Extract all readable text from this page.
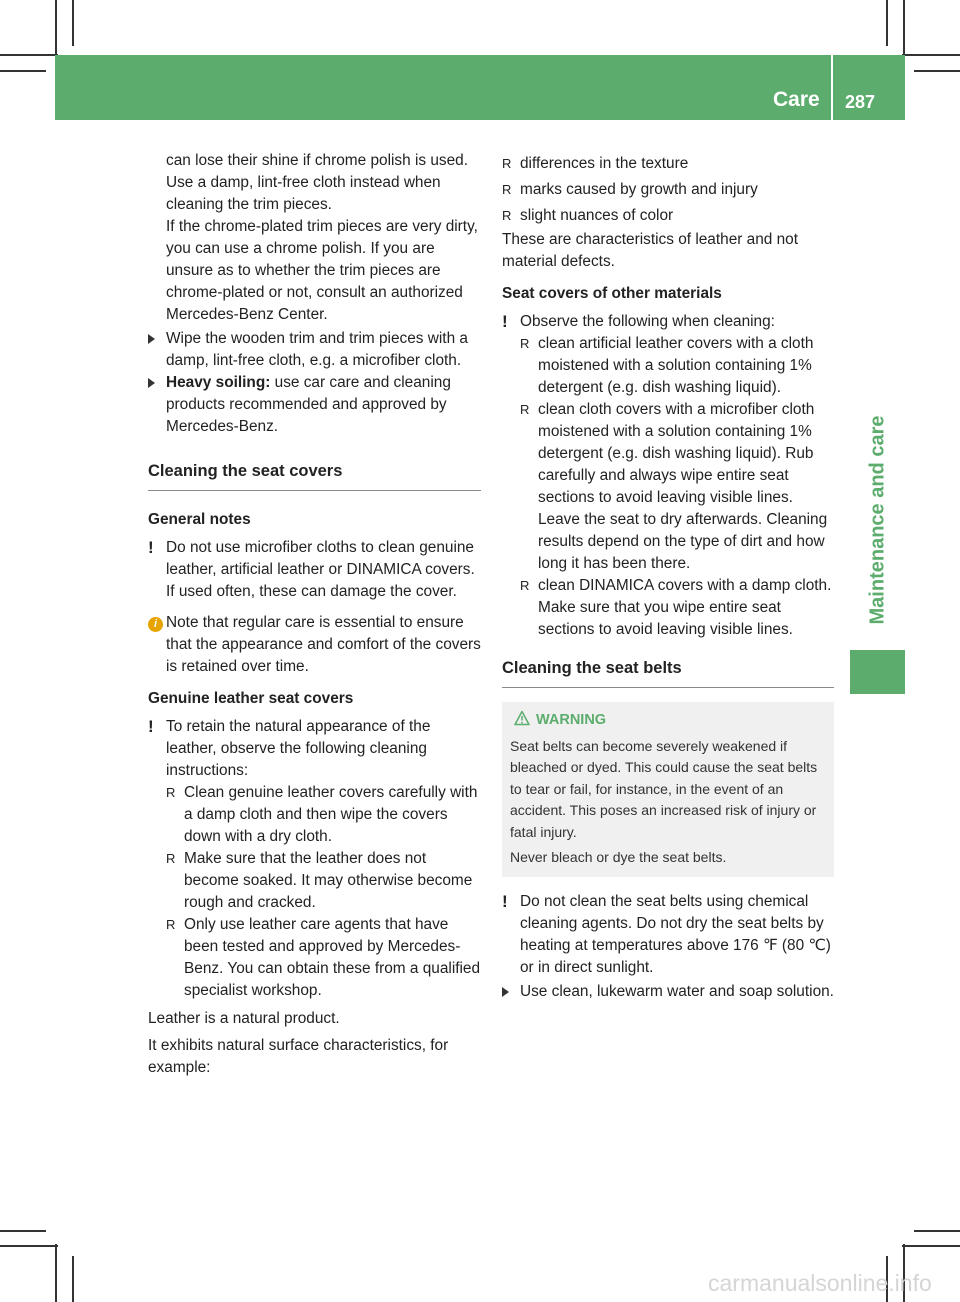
Care 287
Maintenance and care

can lose their shine if chrome polish is used. Use a damp, lint-free cloth instead when cleaning the trim pieces.

If the chrome-plated trim pieces are very dirty, you can use a chrome polish. If you are unsure as to whether the trim pieces are chrome-plated or not, consult an authorized Mercedes-Benz Center.

Wipe the wooden trim and trim pieces with a damp, lint-free cloth, e.g. a microfiber cloth.
Heavy soiling: use car care and cleaning products recommended and approved by Mercedes-Benz.
Cleaning the seat covers

General notes

! Do not use microfiber cloths to clean genuine leather, artificial leather or DINAMICA covers. If used often, these can damage the cover.
i Note that regular care is essential to ensure that the appearance and comfort of the covers is retained over time.

Genuine leather seat covers

! To retain the natural appearance of the leather, observe the following cleaning instructions:
R Clean genuine leather covers carefully with a damp cloth and then wipe the covers down with a dry cloth.
R Make sure that the leather does not become soaked. It may otherwise become rough and cracked.
R Only use leather care agents that have been tested and approved by Mercedes-Benz. You can obtain these from a qualified specialist workshop.

Leather is a natural product.

It exhibits natural surface characteristics, for example:

R differences in the texture
R marks caused by growth and injury
R slight nuances of color

These are characteristics of leather and not material defects.

Seat covers of other materials

! Observe the following when cleaning:
R clean artificial leather covers with a cloth moistened with a solution containing 1% detergent (e.g. dish washing liquid).
R clean cloth covers with a microfiber cloth moistened with a solution containing 1% detergent (e.g. dish washing liquid). Rub carefully and always wipe entire seat sections to avoid leaving visible lines. Leave the seat to dry afterwards. Cleaning results depend on the type of dirt and how long it has been there.
R clean DINAMICA covers with a damp cloth. Make sure that you wipe entire seat sections to avoid leaving visible lines.
Cleaning the seat belts
WARNING

Seat belts can become severely weakened if bleached or dyed. This could cause the seat belts to tear or fail, for instance, in the event of an accident. This poses an increased risk of injury or fatal injury.

Never bleach or dye the seat belts.

! Do not clean the seat belts using chemical cleaning agents. Do not dry the seat belts by heating at temperatures above 176 ℉ (80 ℃) or in direct sunlight.
Use clean, lukewarm water and soap solution.
carmanualsonline.info
